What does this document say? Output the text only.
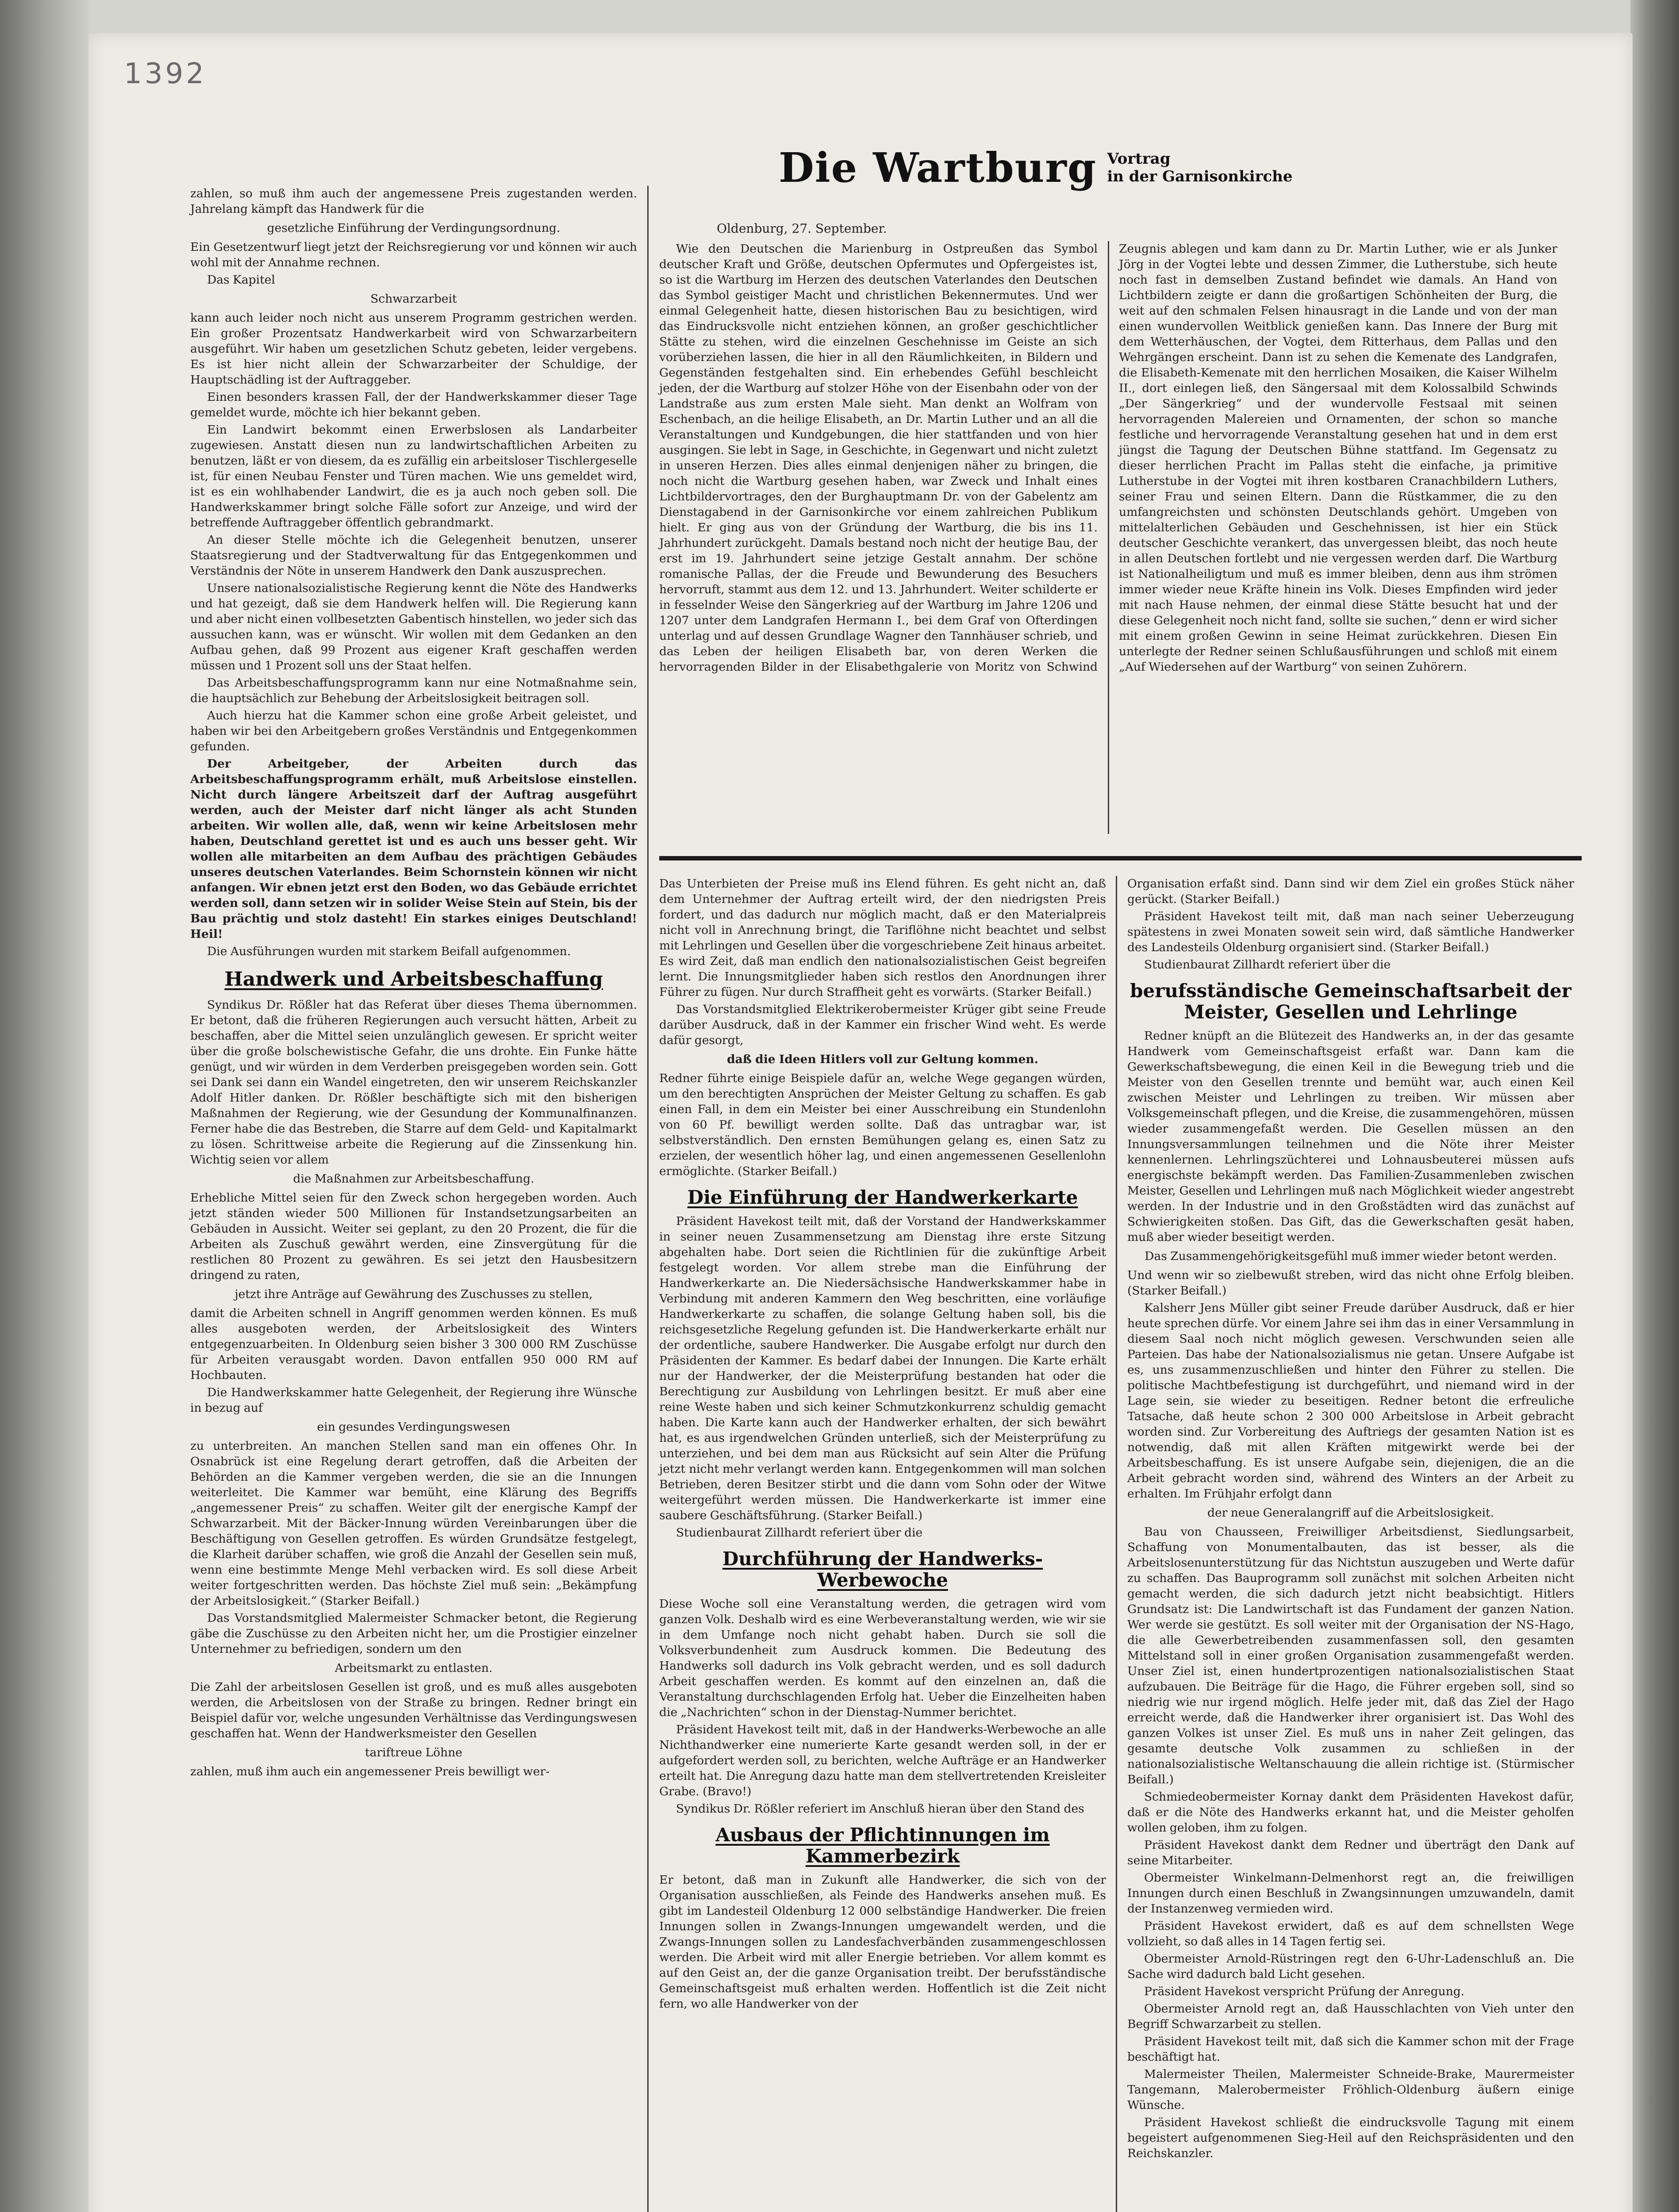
1392

zahlen, so muß ihm auch der angemessene Preis zugestanden werden. Jahrelang kämpft das Handwerk für die

gesetzliche Einführung der Verdingungsordnung.

Ein Gesetzentwurf liegt jetzt der Reichsregierung vor und können wir auch wohl mit der Annahme rechnen.

Das Kapitel

Schwarzarbeit

kann auch leider noch nicht aus unserem Programm gestrichen werden. Ein großer Prozentsatz Handwerkarbeit wird von Schwarzarbeitern ausgeführt. Wir haben um gesetzlichen Schutz gebeten, leider vergebens. Es ist hier nicht allein der Schwarzarbeiter der Schuldige, der Hauptschädling ist der Auftraggeber.

Einen besonders krassen Fall, der der Handwerkskammer dieser Tage gemeldet wurde, möchte ich hier bekannt geben.

Ein Landwirt bekommt einen Erwerbslosen als Landarbeiter zugewiesen. Anstatt diesen nun zu landwirtschaftlichen Arbeiten zu benutzen, läßt er von diesem, da es zufällig ein arbeitsloser Tischlergeselle ist, für einen Neubau Fenster und Türen machen. Wie uns gemeldet wird, ist es ein wohlhabender Landwirt, die es ja auch noch geben soll. Die Handwerkskammer bringt solche Fälle sofort zur Anzeige, und wird der betreffende Auftraggeber öffentlich gebrandmarkt.

An dieser Stelle möchte ich die Gelegenheit benutzen, unserer Staatsregierung und der Stadtverwaltung für das Entgegenkommen und Verständnis der Nöte in unserem Handwerk den Dank auszusprechen.

Unsere nationalsozialistische Regierung kennt die Nöte des Handwerks und hat gezeigt, daß sie dem Handwerk helfen will. Die Regierung kann und aber nicht einen vollbesetzten Gabentisch hinstellen, wo jeder sich das aussuchen kann, was er wünscht. Wir wollen mit dem Gedanken an den Aufbau gehen, daß 99 Prozent aus eigener Kraft geschaffen werden müssen und 1 Prozent soll uns der Staat helfen.

Das Arbeitsbeschaffungsprogramm kann nur eine Notmaßnahme sein, die hauptsächlich zur Behebung der Arbeitslosigkeit beitragen soll.

Auch hierzu hat die Kammer schon eine große Arbeit geleistet, und haben wir bei den Arbeitgebern großes Verständnis und Entgegenkommen gefunden.

Der Arbeitgeber, der Arbeiten durch das Arbeitsbeschaffungsprogramm erhält, muß Arbeitslose einstellen. Nicht durch längere Arbeitszeit darf der Auftrag ausgeführt werden, auch der Meister darf nicht länger als acht Stunden arbeiten. Wir wollen alle, daß, wenn wir keine Arbeitslosen mehr haben, Deutschland gerettet ist und es auch uns besser geht. Wir wollen alle mitarbeiten an dem Aufbau des prächtigen Gebäudes unseres deutschen Vaterlandes. Beim Schornstein können wir nicht anfangen. Wir ebnen jetzt erst den Boden, wo das Gebäude errichtet werden soll, dann setzen wir in solider Weise Stein auf Stein, bis der Bau prächtig und stolz dasteht! Ein starkes einiges Deutschland! Heil!

Die Ausführungen wurden mit starkem Beifall aufgenommen.

Handwerk und Arbeitsbeschaffung

Syndikus Dr. Rößler hat das Referat über dieses Thema übernommen. Er betont, daß die früheren Regierungen auch versucht hätten, Arbeit zu beschaffen, aber die Mittel seien unzulänglich gewesen. Er spricht weiter über die große bolschewistische Gefahr, die uns drohte. Ein Funke hätte genügt, und wir würden in dem Verderben preisgegeben worden sein. Gott sei Dank sei dann ein Wandel eingetreten, den wir unserem Reichskanzler Adolf Hitler danken. Dr. Rößler beschäftigte sich mit den bisherigen Maßnahmen der Regierung, wie der Gesundung der Kommunalfinanzen. Ferner habe die das Bestreben, die Starre auf dem Geld- und Kapitalmarkt zu lösen. Schrittweise arbeite die Regierung auf die Zinssenkung hin. Wichtig seien vor allem

die Maßnahmen zur Arbeitsbeschaffung.

Erhebliche Mittel seien für den Zweck schon hergegeben worden. Auch jetzt ständen wieder 500 Millionen für Instandsetzungsarbeiten an Gebäuden in Aussicht. Weiter sei geplant, zu den 20 Prozent, die für die Arbeiten als Zuschuß gewährt werden, eine Zinsvergütung für die restlichen 80 Prozent zu gewähren. Es sei jetzt den Hausbesitzern dringend zu raten,

jetzt ihre Anträge auf Gewährung des Zuschusses zu stellen,

damit die Arbeiten schnell in Angriff genommen werden können. Es muß alles ausgeboten werden, der Arbeitslosigkeit des Winters entgegenzuarbeiten. In Oldenburg seien bisher 3 300 000 RM Zuschüsse für Arbeiten verausgabt worden. Davon entfallen 950 000 RM auf Hochbauten.

Die Handwerkskammer hatte Gelegenheit, der Regierung ihre Wünsche in bezug auf

ein gesundes Verdingungswesen

zu unterbreiten. An manchen Stellen sand man ein offenes Ohr. In Osnabrück ist eine Regelung derart getroffen, daß die Arbeiten der Behörden an die Kammer vergeben werden, die sie an die Innungen weiterleitet. Die Kammer war bemüht, eine Klärung des Begriffs „angemessener Preis“ zu schaffen. Weiter gilt der energische Kampf der Schwarzarbeit. Mit der Bäcker-Innung würden Vereinbarungen über die Beschäftigung von Gesellen getroffen. Es würden Grundsätze festgelegt, die Klarheit darüber schaffen, wie groß die Anzahl der Gesellen sein muß, wenn eine bestimmte Menge Mehl verbacken wird. Es soll diese Arbeit weiter fortgeschritten werden. Das höchste Ziel muß sein: „Bekämpfung der Arbeitslosigkeit.“ (Starker Beifall.)

Das Vorstandsmitglied Malermeister Schmacker betont, die Regierung gäbe die Zuschüsse zu den Arbeiten nicht her, um die Prostigier einzelner Unternehmer zu befriedigen, sondern um den

Arbeitsmarkt zu entlasten.

Die Zahl der arbeitslosen Gesellen ist groß, und es muß alles ausgeboten werden, die Arbeitslosen von der Straße zu bringen. Redner bringt ein Beispiel dafür vor, welche ungesunden Verhältnisse das Verdingungswesen geschaffen hat. Wenn der Handwerksmeister den Gesellen

tariftreue Löhne

zahlen, muß ihm auch ein angemessener Preis bewilligt wer-

Die Wartburg Vortrag
in der Garnisonkirche
Oldenburg, 27. September.

Wie den Deutschen die Marienburg in Ostpreußen das Symbol deutscher Kraft und Größe, deutschen Opfermutes und Opfergeistes ist, so ist die Wartburg im Herzen des deutschen Vaterlandes den Deutschen das Symbol geistiger Macht und christlichen Bekennermutes. Und wer einmal Gelegenheit hatte, diesen historischen Bau zu besichtigen, wird das Eindrucksvolle nicht entziehen können, an großer geschichtlicher Stätte zu stehen, wird die einzelnen Geschehnisse im Geiste an sich vorüberziehen lassen, die hier in all den Räumlichkeiten, in Bildern und Gegenständen festgehalten sind. Ein erhebendes Gefühl beschleicht jeden, der die Wartburg auf stolzer Höhe von der Eisenbahn oder von der Landstraße aus zum ersten Male sieht. Man denkt an Wolfram von Eschenbach, an die heilige Elisabeth, an Dr. Martin Luther und an all die Veranstaltungen und Kundgebungen, die hier stattfanden und von hier ausgingen. Sie lebt in Sage, in Geschichte, in Gegenwart und nicht zuletzt in unseren Herzen. Dies alles einmal denjenigen näher zu bringen, die noch nicht die Wartburg gesehen haben, war Zweck und Inhalt eines Lichtbildervortrages, den der Burghauptmann Dr. von der Gabelentz am Dienstagabend in der Garnisonkirche vor einem zahlreichen Publikum hielt. Er ging aus von der Gründung der Wartburg, die bis ins 11. Jahrhundert zurückgeht. Damals bestand noch nicht der heutige Bau, der erst im 19. Jahrhundert seine jetzige Gestalt annahm. Der schöne romanische Pallas, der die Freude und Bewunderung des Besuchers hervorruft, stammt aus dem 12. und 13. Jahrhundert. Weiter schilderte er in fesselnder Weise den Sängerkrieg auf der Wartburg im Jahre 1206 und 1207 unter dem Landgrafen Hermann I., bei dem Graf von Ofterdingen unterlag und auf dessen Grundlage Wagner den Tannhäuser schrieb, und das Leben der heiligen Elisabeth bar, von deren Werken die hervorragenden Bilder in der Elisabethgalerie von Moritz von Schwind Zeugnis ablegen und kam dann zu Dr. Martin Luther, wie er als Junker Jörg in der Vogtei lebte und dessen Zimmer, die Lutherstube, sich heute noch fast in demselben Zustand befindet wie damals. An Hand von Lichtbildern zeigte er dann die großartigen Schönheiten der Burg, die weit auf den schmalen Felsen hinausragt in die Lande und von der man einen wundervollen Weitblick genießen kann. Das Innere der Burg mit dem Wetterhäuschen, der Vogtei, dem Ritterhaus, dem Pallas und den Wehrgängen erscheint. Dann ist zu sehen die Kemenate des Landgrafen, die Elisabeth-Kemenate mit den herrlichen Mosaiken, die Kaiser Wilhelm II., dort einlegen ließ, den Sängersaal mit dem Kolossalbild Schwinds „Der Sängerkrieg“ und der wundervolle Festsaal mit seinen hervorragenden Malereien und Ornamenten, der schon so manche festliche und hervorragende Veranstaltung gesehen hat und in dem erst jüngst die Tagung der Deutschen Bühne stattfand. Im Gegensatz zu dieser herrlichen Pracht im Pallas steht die einfache, ja primitive Lutherstube in der Vogtei mit ihren kostbaren Cranachbildern Luthers, seiner Frau und seinen Eltern. Dann die Rüstkammer, die zu den umfangreichsten und schönsten Deutschlands gehört. Umgeben von mittelalterlichen Gebäuden und Geschehnissen, ist hier ein Stück deutscher Geschichte verankert, das unvergessen bleibt, das noch heute in allen Deutschen fortlebt und nie vergessen werden darf. Die Wartburg ist Nationalheiligtum und muß es immer bleiben, denn aus ihm strömen immer wieder neue Kräfte hinein ins Volk. Dieses Empfinden wird jeder mit nach Hause nehmen, der einmal diese Stätte besucht hat und der diese Gelegenheit noch nicht fand, sollte sie suchen,“ denn er wird sicher mit einem großen Gewinn in seine Heimat zurückkehren. Diesen Ein unterlegte der Redner seinen Schlußausführungen und schloß mit einem „Auf Wiedersehen auf der Wartburg“ von seinen Zuhörern.

Das Unterbieten der Preise muß ins Elend führen. Es geht nicht an, daß dem Unternehmer der Auftrag erteilt wird, der den niedrigsten Preis fordert, und das dadurch nur möglich macht, daß er den Materialpreis nicht voll in Anrechnung bringt, die Tariflöhne nicht beachtet und selbst mit Lehrlingen und Gesellen über die vorgeschriebene Zeit hinaus arbeitet. Es wird Zeit, daß man endlich den nationalsozialistischen Geist begreifen lernt. Die Innungsmitglieder haben sich restlos den Anordnungen ihrer Führer zu fügen. Nur durch Straffheit geht es vorwärts. (Starker Beifall.)

Das Vorstandsmitglied Elektrikerobermeister Krüger gibt seine Freude darüber Ausdruck, daß in der Kammer ein frischer Wind weht. Es werde dafür gesorgt,

daß die Ideen Hitlers voll zur Geltung kommen.

Redner führte einige Beispiele dafür an, welche Wege gegangen würden, um den berechtigten Ansprüchen der Meister Geltung zu schaffen. Es gab einen Fall, in dem ein Meister bei einer Ausschreibung ein Stundenlohn von 60 Pf. bewilligt werden sollte. Daß das untragbar war, ist selbstverständlich. Den ernsten Bemühungen gelang es, einen Satz zu erzielen, der wesentlich höher lag, und einen angemessenen Gesellenlohn ermöglichte. (Starker Beifall.)

Die Einführung der Handwerkerkarte

Präsident Havekost teilt mit, daß der Vorstand der Handwerkskammer in seiner neuen Zusammensetzung am Dienstag ihre erste Sitzung abgehalten habe. Dort seien die Richtlinien für die zukünftige Arbeit festgelegt worden. Vor allem strebe man die Einführung der Handwerkerkarte an. Die Niedersächsische Handwerkskammer habe in Verbindung mit anderen Kammern den Weg beschritten, eine vorläufige Handwerkerkarte zu schaffen, die solange Geltung haben soll, bis die reichsgesetzliche Regelung gefunden ist. Die Handwerkerkarte erhält nur der ordentliche, saubere Handwerker. Die Ausgabe erfolgt nur durch den Präsidenten der Kammer. Es bedarf dabei der Innungen. Die Karte erhält nur der Handwerker, der die Meisterprüfung bestanden hat oder die Berechtigung zur Ausbildung von Lehrlingen besitzt. Er muß aber eine reine Weste haben und sich keiner Schmutzkonkurrenz schuldig gemacht haben. Die Karte kann auch der Handwerker erhalten, der sich bewährt hat, es aus irgendwelchen Gründen unterließ, sich der Meisterprüfung zu unterziehen, und bei dem man aus Rücksicht auf sein Alter die Prüfung jetzt nicht mehr verlangt werden kann. Entgegenkommen will man solchen Betrieben, deren Besitzer stirbt und die dann vom Sohn oder der Witwe weitergeführt werden müssen. Die Handwerkerkarte ist immer eine saubere Geschäftsführung. (Starker Beifall.)

Studienbaurat Zillhardt referiert über die

Durchführung der Handwerks-Werbewoche

Diese Woche soll eine Veranstaltung werden, die getragen wird vom ganzen Volk. Deshalb wird es eine Werbeveranstaltung werden, wie wir sie in dem Umfange noch nicht gehabt haben. Durch sie soll die Volksverbundenheit zum Ausdruck kommen. Die Bedeutung des Handwerks soll dadurch ins Volk gebracht werden, und es soll dadurch Arbeit geschaffen werden. Es kommt auf den einzelnen an, daß die Veranstaltung durchschlagenden Erfolg hat. Ueber die Einzelheiten haben die „Nachrichten“ schon in der Dienstag-Nummer berichtet.

Präsident Havekost teilt mit, daß in der Handwerks-Werbewoche an alle Nichthandwerker eine numerierte Karte gesandt werden soll, in der er aufgefordert werden soll, zu berichten, welche Aufträge er an Handwerker erteilt hat. Die Anregung dazu hatte man dem stellvertretenden Kreisleiter Grabe. (Bravo!)

Syndikus Dr. Rößler referiert im Anschluß hieran über den Stand des

Ausbaus der Pflichtinnungen im Kammerbezirk

Er betont, daß man in Zukunft alle Handwerker, die sich von der Organisation ausschließen, als Feinde des Handwerks ansehen muß. Es gibt im Landesteil Oldenburg 12 000 selbständige Handwerker. Die freien Innungen sollen in Zwangs-Innungen umgewandelt werden, und die Zwangs-Innungen sollen zu Landesfachverbänden zusammengeschlossen werden. Die Arbeit wird mit aller Energie betrieben. Vor allem kommt es auf den Geist an, der die ganze Organisation treibt. Der berufsständische Gemeinschaftsgeist muß erhalten werden. Hoffentlich ist die Zeit nicht fern, wo alle Handwerker von der

Organisation erfaßt sind. Dann sind wir dem Ziel ein großes Stück näher gerückt. (Starker Beifall.)

Präsident Havekost teilt mit, daß man nach seiner Ueberzeugung spätestens in zwei Monaten soweit sein wird, daß sämtliche Handwerker des Landesteils Oldenburg organisiert sind. (Starker Beifall.)

Studienbaurat Zillhardt referiert über die

berufsständische Gemeinschaftsarbeit der Meister, Gesellen und Lehrlinge

Redner knüpft an die Blütezeit des Handwerks an, in der das gesamte Handwerk vom Gemeinschaftsgeist erfaßt war. Dann kam die Gewerkschaftsbewegung, die einen Keil in die Bewegung trieb und die Meister von den Gesellen trennte und bemüht war, auch einen Keil zwischen Meister und Lehrlingen zu treiben. Wir müssen aber Volksgemeinschaft pflegen, und die Kreise, die zusammengehören, müssen wieder zusammengefaßt werden. Die Gesellen müssen an den Innungsversammlungen teilnehmen und die Nöte ihrer Meister kennenlernen. Lehrlingszüchterei und Lohnausbeuterei müssen aufs energischste bekämpft werden. Das Familien-Zusammenleben zwischen Meister, Gesellen und Lehrlingen muß nach Möglichkeit wieder angestrebt werden. In der Industrie und in den Großstädten wird das zunächst auf Schwierigkeiten stoßen. Das Gift, das die Gewerkschaften gesät haben, muß aber wieder beseitigt werden.

Das Zusammengehörigkeitsgefühl muß immer wieder betont werden.

Und wenn wir so zielbewußt streben, wird das nicht ohne Erfolg bleiben. (Starker Beifall.)

Kalsherr Jens Müller gibt seiner Freude darüber Ausdruck, daß er hier heute sprechen dürfe. Vor einem Jahre sei ihm das in einer Versammlung in diesem Saal noch nicht möglich gewesen. Verschwunden seien alle Parteien. Das habe der Nationalsozialismus nie getan. Unsere Aufgabe ist es, uns zusammenzuschließen und hinter den Führer zu stellen. Die politische Machtbefestigung ist durchgeführt, und niemand wird in der Lage sein, sie wieder zu beseitigen. Redner betont die erfreuliche Tatsache, daß heute schon 2 300 000 Arbeitslose in Arbeit gebracht worden sind. Zur Vorbereitung des Auftriegs der gesamten Nation ist es notwendig, daß mit allen Kräften mitgewirkt werde bei der Arbeitsbeschaffung. Es ist unsere Aufgabe sein, diejenigen, die an die Arbeit gebracht worden sind, während des Winters an der Arbeit zu erhalten. Im Frühjahr erfolgt dann

der neue Generalangriff auf die Arbeitslosigkeit.

Bau von Chausseen, Freiwilliger Arbeitsdienst, Siedlungsarbeit, Schaffung von Monumentalbauten, das ist besser, als die Arbeitslosenunterstützung für das Nichtstun auszugeben und Werte dafür zu schaffen. Das Bauprogramm soll zunächst mit solchen Arbeiten nicht gemacht werden, die sich dadurch jetzt nicht beabsichtigt. Hitlers Grundsatz ist: Die Landwirtschaft ist das Fundament der ganzen Nation. Wer werde sie gestützt. Es soll weiter mit der Organisation der NS-Hago, die alle Gewerbetreibenden zusammenfassen soll, den gesamten Mittelstand soll in einer großen Organisation zusammengefaßt werden. Unser Ziel ist, einen hundertprozentigen nationalsozialistischen Staat aufzubauen. Die Beiträge für die Hago, die Führer ergeben soll, sind so niedrig wie nur irgend möglich. Helfe jeder mit, daß das Ziel der Hago erreicht werde, daß die Handwerker ihrer organisiert ist. Das Wohl des ganzen Volkes ist unser Ziel. Es muß uns in naher Zeit gelingen, das gesamte deutsche Volk zusammen zu schließen in der nationalsozialistische Weltanschauung die allein richtige ist. (Stürmischer Beifall.)

Schmiedeobermeister Kornay dankt dem Präsidenten Havekost dafür, daß er die Nöte des Handwerks erkannt hat, und die Meister geholfen wollen geloben, ihm zu folgen.

Präsident Havekost dankt dem Redner und überträgt den Dank auf seine Mitarbeiter.

Obermeister Winkelmann-Delmenhorst regt an, die freiwilligen Innungen durch einen Beschluß in Zwangsinnungen umzuwandeln, damit der Instanzenweg vermieden wird.

Präsident Havekost erwidert, daß es auf dem schnellsten Wege vollzieht, so daß alles in 14 Tagen fertig sei.

Obermeister Arnold-Rüstringen regt den 6-Uhr-Ladenschluß an. Die Sache wird dadurch bald Licht gesehen.

Präsident Havekost verspricht Prüfung der Anregung.

Obermeister Arnold regt an, daß Hausschlachten von Vieh unter den Begriff Schwarzarbeit zu stellen.

Präsident Havekost teilt mit, daß sich die Kammer schon mit der Frage beschäftigt hat.

Malermeister Theilen, Malermeister Schneide-Brake, Maurermeister Tangemann, Malerobermeister Fröhlich-Oldenburg äußern einige Wünsche.

Präsident Havekost schließt die eindrucksvolle Tagung mit einem begeistert aufgenommenen Sieg-Heil auf den Reichspräsidenten und den Reichskanzler.
